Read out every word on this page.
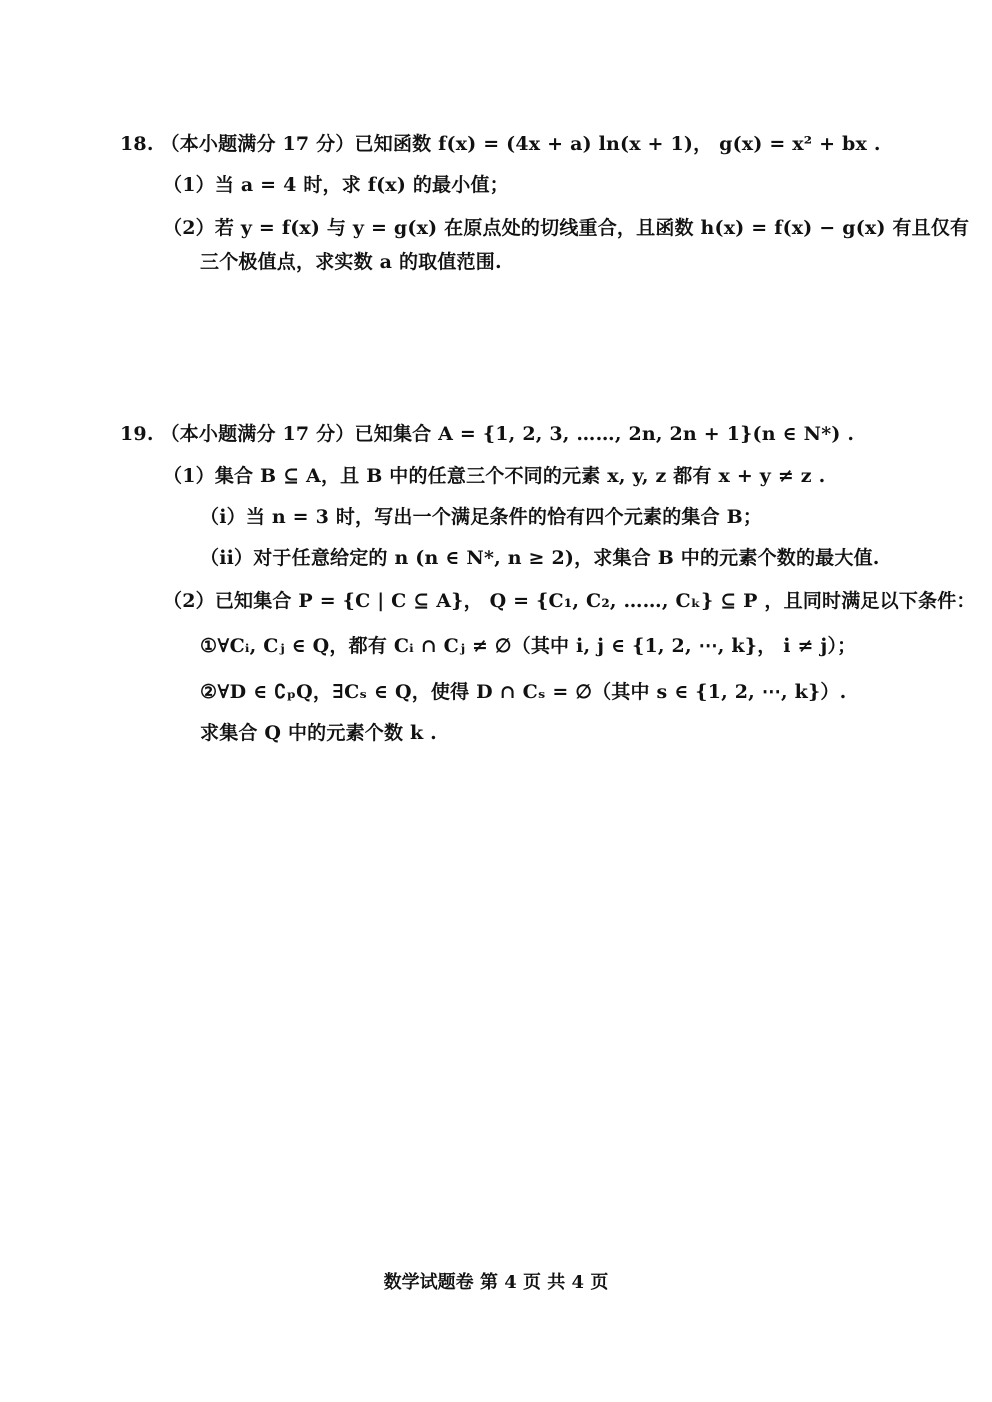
18. （本小题满分 17 分）已知函数 f(x) = (4x + a) ln(x + 1)， g(x) = x² + bx .
（1）当 a = 4 时，求 f(x) 的最小值；
（2）若 y = f(x) 与 y = g(x) 在原点处的切线重合，且函数 h(x) = f(x) − g(x) 有且仅有
三个极值点，求实数 a 的取值范围.
19. （本小题满分 17 分）已知集合 A = {1, 2, 3, ……, 2n, 2n + 1}(n ∈ N*) .
（1）集合 B ⊆ A，且 B 中的任意三个不同的元素 x, y, z 都有 x + y ≠ z .
（i）当 n = 3 时，写出一个满足条件的恰有四个元素的集合 B；
（ii）对于任意给定的 n (n ∈ N*, n ≥ 2)，求集合 B 中的元素个数的最大值.
（2）已知集合 P = {C | C ⊆ A}， Q = {C₁, C₂, ……, Cₖ} ⊆ P ，且同时满足以下条件：
①∀Cᵢ, Cⱼ ∈ Q，都有 Cᵢ ∩ Cⱼ ≠ ∅（其中 i, j ∈ {1, 2, ⋯, k}， i ≠ j）；
②∀D ∈ ∁ₚQ，∃Cₛ ∈ Q，使得 D ∩ Cₛ = ∅（其中 s ∈ {1, 2, ⋯, k}）.
求集合 Q 中的元素个数 k .
数学试题卷 第 4 页 共 4 页
